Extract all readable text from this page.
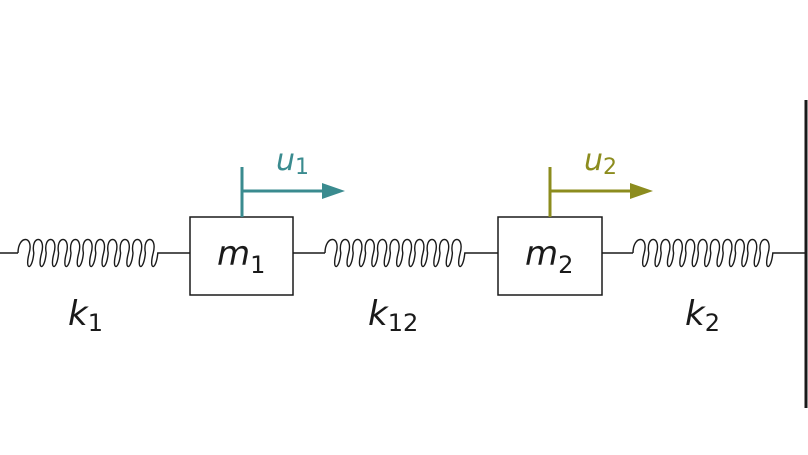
$m_1$	$m_2$
k1	k12	k2
u1	u2
